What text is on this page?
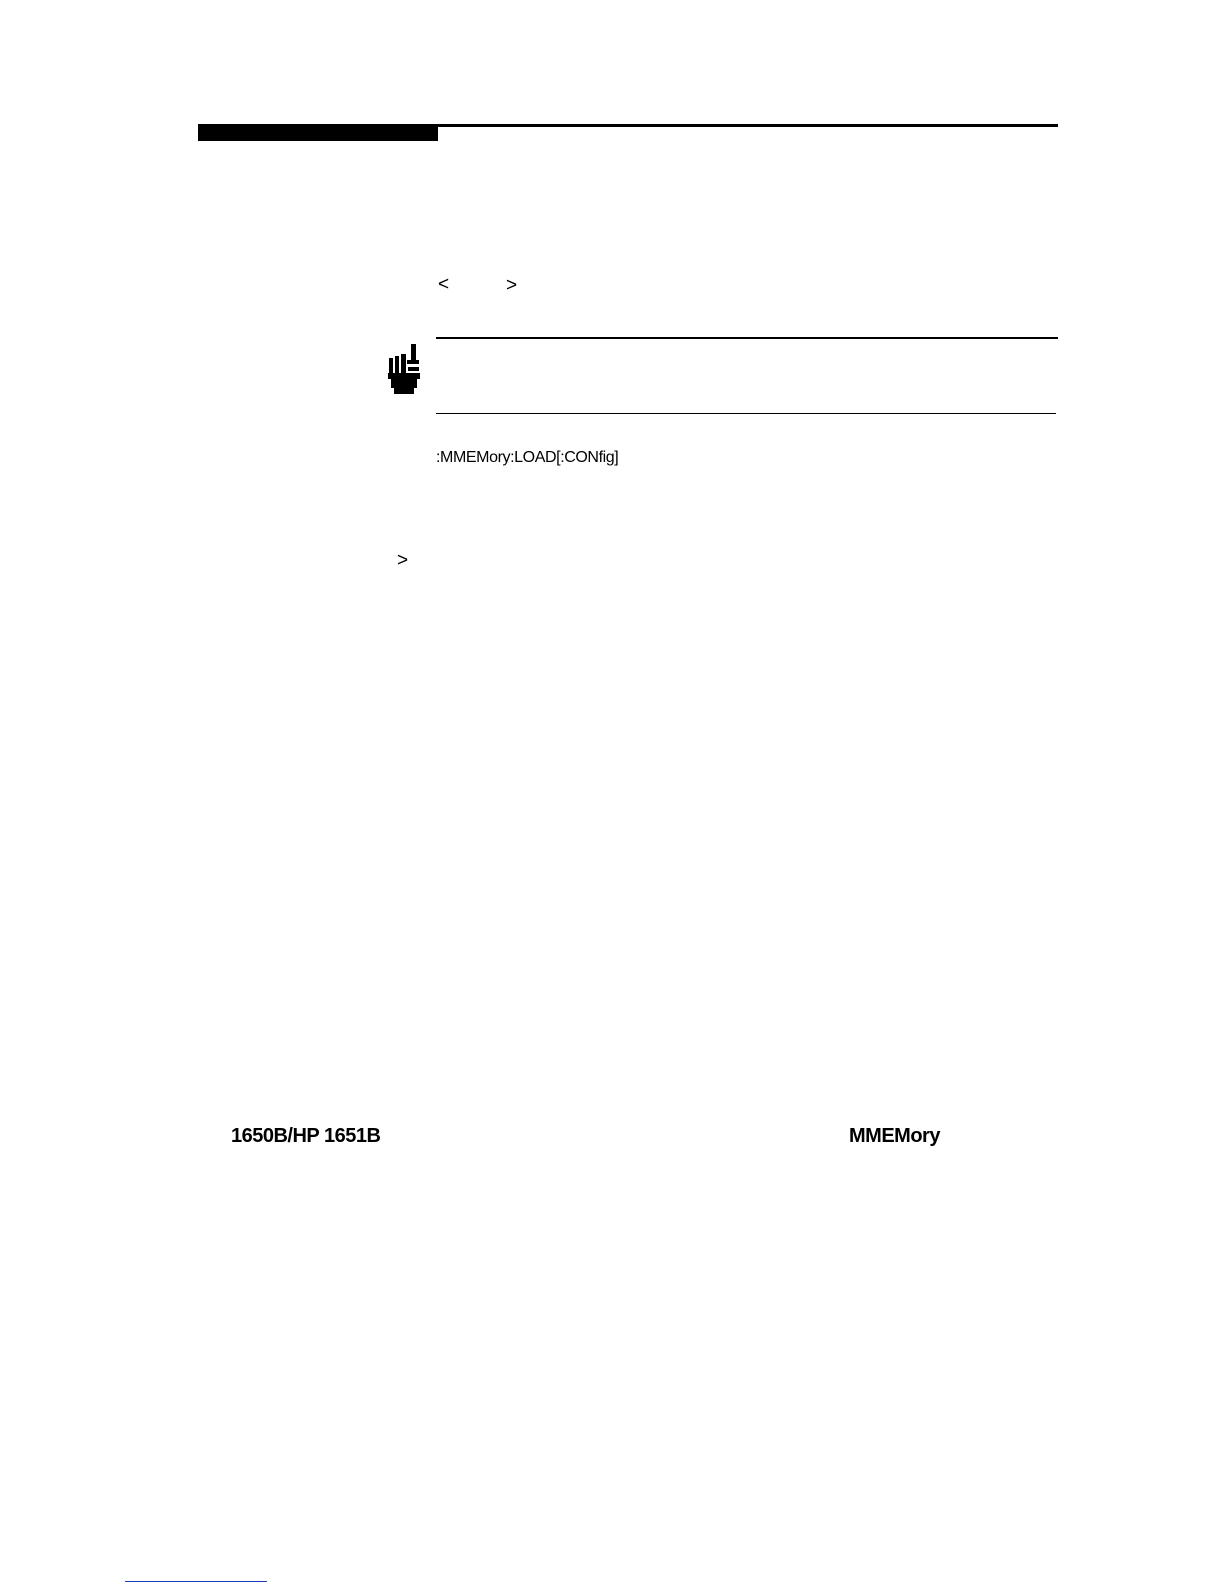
<	>
:MMEMory:LOAD[:CONfig]
>
1650B/HP 1651B	MMEMory
